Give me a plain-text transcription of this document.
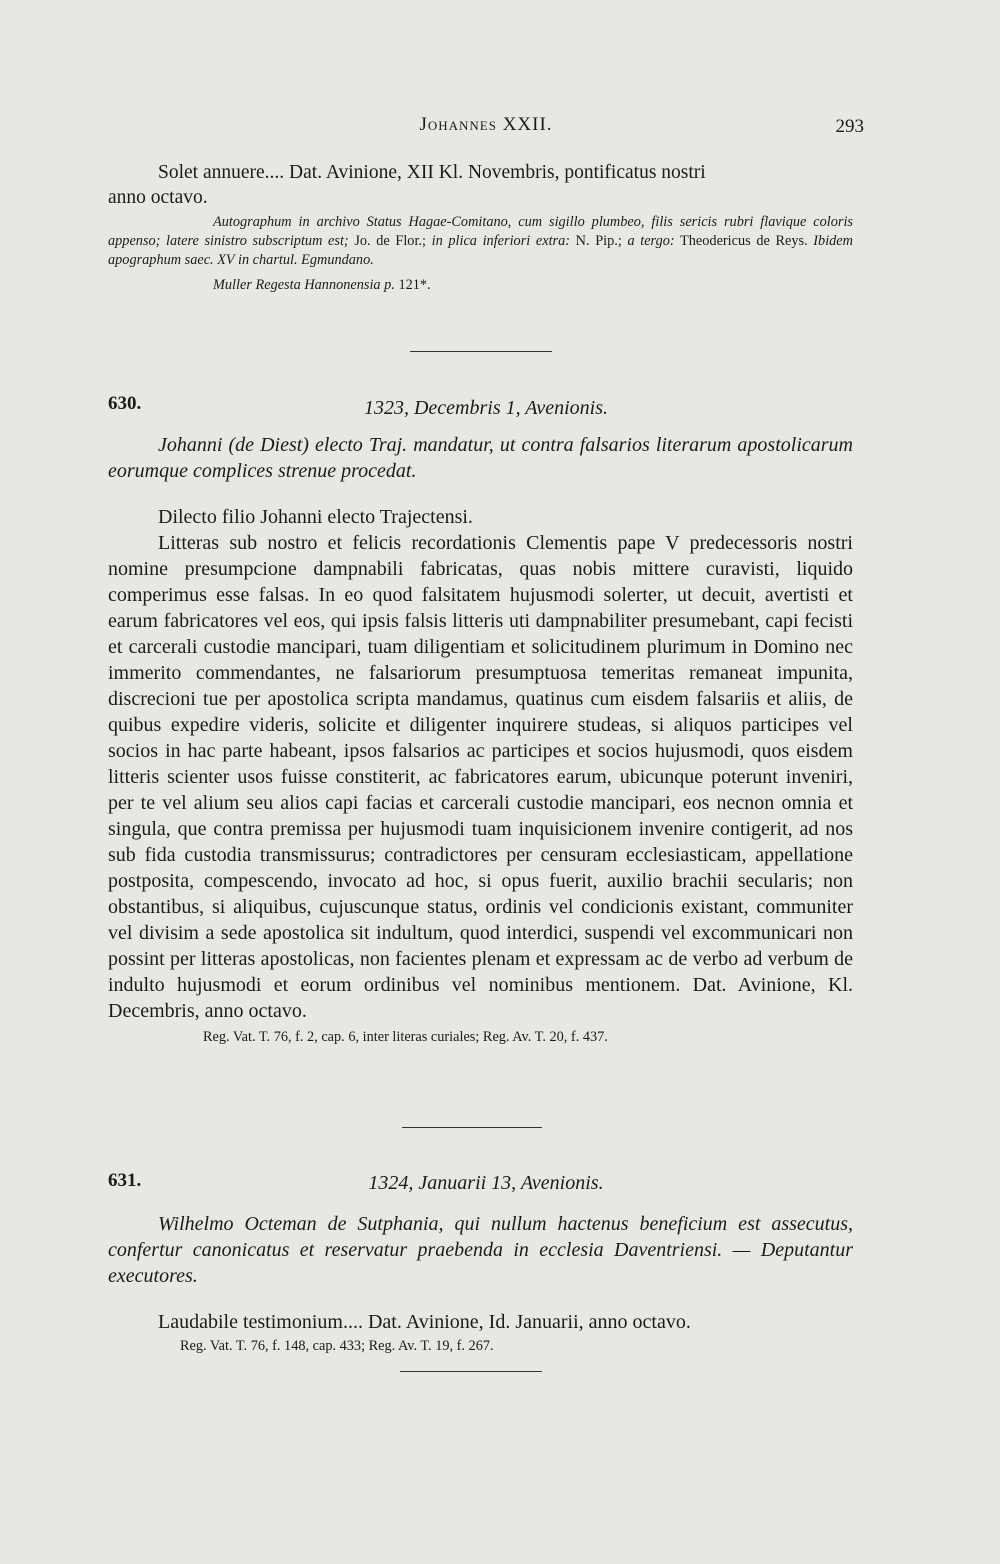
Johannes XXII.	293

Solet annuere.... Dat. Avinione, XII Kl. Novembris, pontificatus nostri

anno octavo.

Autographum in archivo Status Hagae-Comitano, cum sigillo plumbeo, filis sericis rubri flavique coloris appenso; latere sinistro subscriptum est; Jo. de Flor.; in plica inferiori extra: N. Pip.; a tergo: Theodericus de Reys. Ibidem apographum saec. XV in chartul. Egmundano.

Muller Regesta Hannonensia p. 121*.

630.	1323, Decembris 1, Avenionis.

Johanni (de Diest) electo Traj. mandatur, ut contra falsarios literarum apostolicarum eorumque complices strenue procedat.

Dilecto filio Johanni electo Trajectensi.

Litteras sub nostro et felicis recordationis Clementis pape V predecessoris nostri nomine presumpcione dampnabili fabricatas, quas nobis mittere curavisti, liquido comperimus esse falsas. In eo quod falsitatem hujusmodi solerter, ut decuit, avertisti et earum fabricatores vel eos, qui ipsis falsis litteris uti dampnabiliter presumebant, capi fecisti et carcerali custodie mancipari, tuam diligentiam et solicitudinem plurimum in Domino nec immerito commendantes, ne falsariorum presumptuosa temeritas remaneat impunita, discrecioni tue per apostolica scripta mandamus, quatinus cum eisdem falsariis et aliis, de quibus expedire videris, solicite et diligenter inquirere studeas, si aliquos participes vel socios in hac parte habeant, ipsos falsarios ac participes et socios hujusmodi, quos eisdem litteris scienter usos fuisse constiterit, ac fabricatores earum, ubicunque poterunt inveniri, per te vel alium seu alios capi facias et carcerali custodie mancipari, eos necnon omnia et singula, que contra premissa per hujusmodi tuam inquisicionem invenire contigerit, ad nos sub fida custodia transmissurus; contradictores per censuram ecclesiasticam, appellatione postposita, compescendo, invocato ad hoc, si opus fuerit, auxilio brachii secularis; non obstantibus, si aliquibus, cujuscunque status, ordinis vel condicionis existant, communiter vel divisim a sede apostolica sit indultum, quod interdici, suspendi vel excommunicari non possint per litteras apostolicas, non facientes plenam et expressam ac de verbo ad verbum de indulto hujusmodi et eorum ordinibus vel nominibus mentionem. Dat. Avinione, Kl. Decembris, anno octavo.

Reg. Vat. T. 76, f. 2, cap. 6, inter literas curiales; Reg. Av. T. 20, f. 437.

631.	1324, Januarii 13, Avenionis.

Wilhelmo Octeman de Sutphania, qui nullum hactenus beneficium est assecutus, confertur canonicatus et reservatur praebenda in ecclesia Daventriensi. — Deputantur executores.

Laudabile testimonium.... Dat. Avinione, Id. Januarii, anno octavo.

Reg. Vat. T. 76, f. 148, cap. 433; Reg. Av. T. 19, f. 267.
